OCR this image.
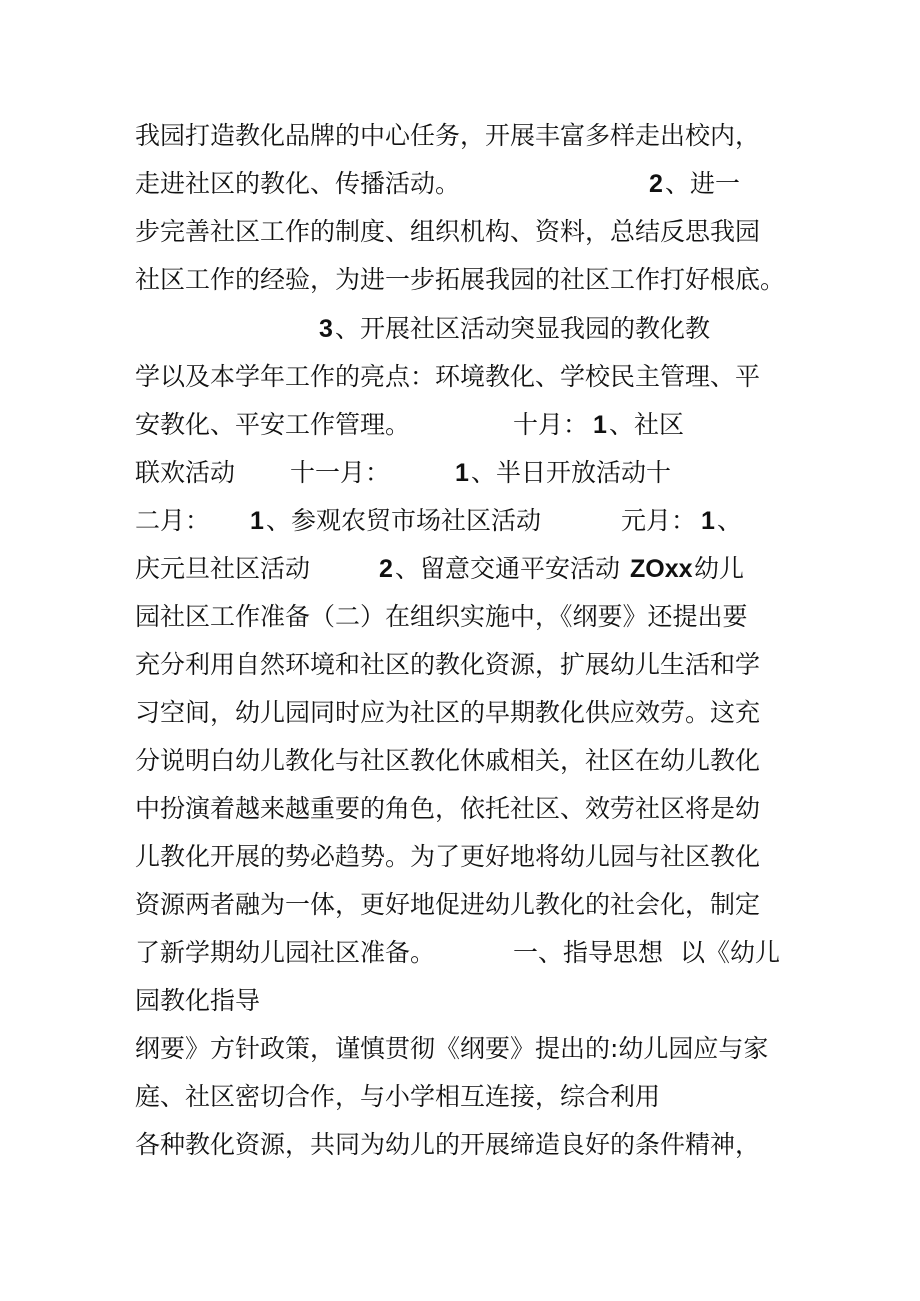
我园打造教化品牌的中心任务，开展丰富多样走出校内，

走进社区的教化、传播活动。	2 、进一

步完善社区工作的制度、组织机构、资料，总结反思我园

社区工作的经验，为进一步拓展我园的社区工作打好根底。

3 、开展社区活动突显我园的教化教

学以及本学年工作的亮点：环境教化、学校民主管理、平

安教化、平安工作管理。	十月： 1 、社区

联欢活动 十一月：	1 、半日开放活动十

二月： 1 、参观农贸市场社区活动	元月： 1 、

庆元旦社区活动	2 、留意交通平安活动 ZOxx 幼儿

园社区工作准备（二）在组织实施中，《纲要》还提出要

充分利用自然环境和社区的教化资源，扩展幼儿生活和学

习空间，幼儿园同时应为社区的早期教化供应效劳。这充

分说明白幼儿教化与社区教化休戚相关，社区在幼儿教化

中扮演着越来越重要的角色，依托社区、效劳社区将是幼

儿教化开展的势必趋势。为了更好地将幼儿园与社区教化

资源两者融为一体，更好地促进幼儿教化的社会化，制定

了新学期幼儿园社区准备。	一、指导思想 以《幼儿

园教化指导

纲要》方针政策，谨慎贯彻《纲要》提出的:幼儿园应与家

庭、社区密切合作，与小学相互连接，综合利用

各种教化资源，共同为幼儿的开展缔造良好的条件精神，
